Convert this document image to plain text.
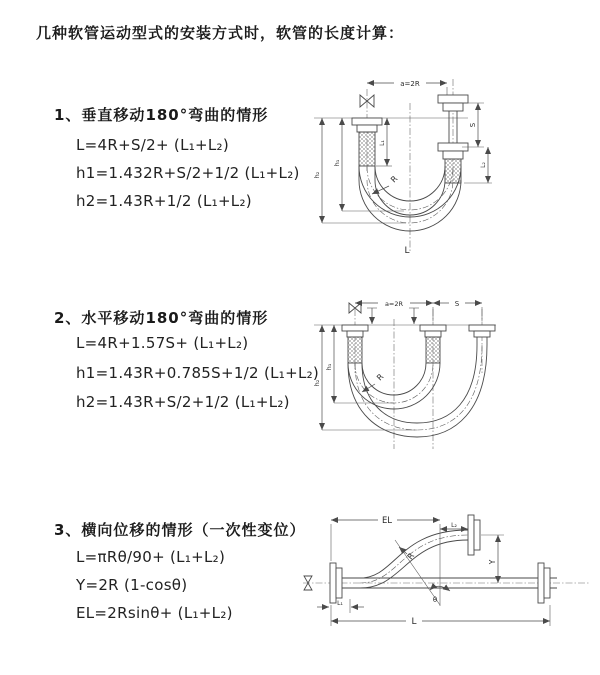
几种软管运动型式的安装方式时，软管的长度计算：
1、垂直移动180°弯曲的情形
L=4R+S/2+ (L₁+L₂)
h1=1.432R+S/2+1/2 (L₁+L₂)
h2=1.43R+1/2 (L₁+L₂)
a=2R
R
L
h₁
h₂
L₁
S
L₂
2、水平移动180°弯曲的情形
L=4R+1.57S+ (L₁+L₂)
h1=1.43R+0.785S+1/2 (L₁+L₂)
h2=1.43R+S/2+1/2 (L₁+L₂)
a=2R	S
h₁
h₂
R
3、横向位移的情形（一次性变位）
L=πRθ/90+ (L₁+L₂)
Y=2R (1-cosθ)
EL=2Rsinθ+ (L₁+L₂)
EL	L₂
Y
R
θ
L
L₁
